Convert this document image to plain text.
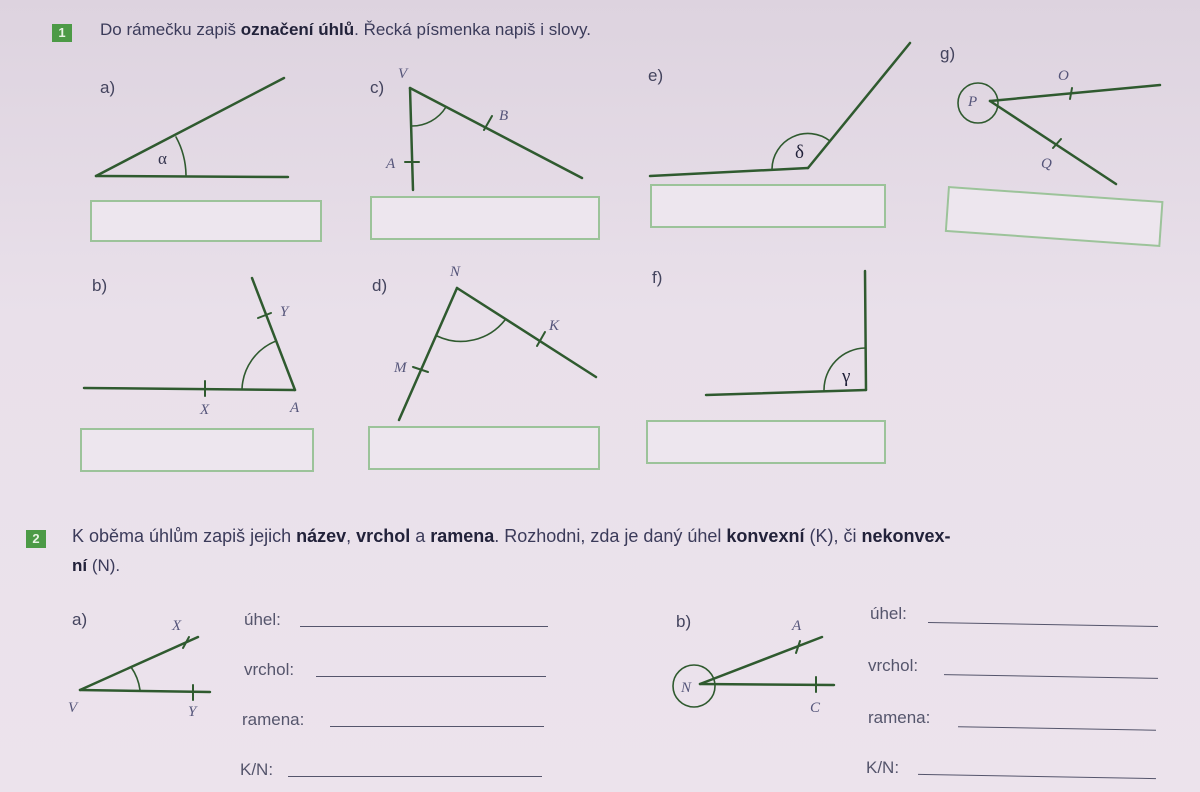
1	Do rámečku zapiš označení úhlů. Řecká písmenka napiš i slovy.
α	δ
γ
V
B
A
Y
X	A
N
K
M
P
O
Q
X
V	Y
A
N
C
a)	c)
e)
g)
b)	d)	f)
2	K oběma úhlům zapiš jejich název, vrchol a ramena. Rozhodni, zda je daný úhel konvexní (K), či nekonvex-
ní (N).
a)	b)
úhel:
vrchol:
ramena:
K/N:
úhel:
vrchol:
ramena:
K/N:
